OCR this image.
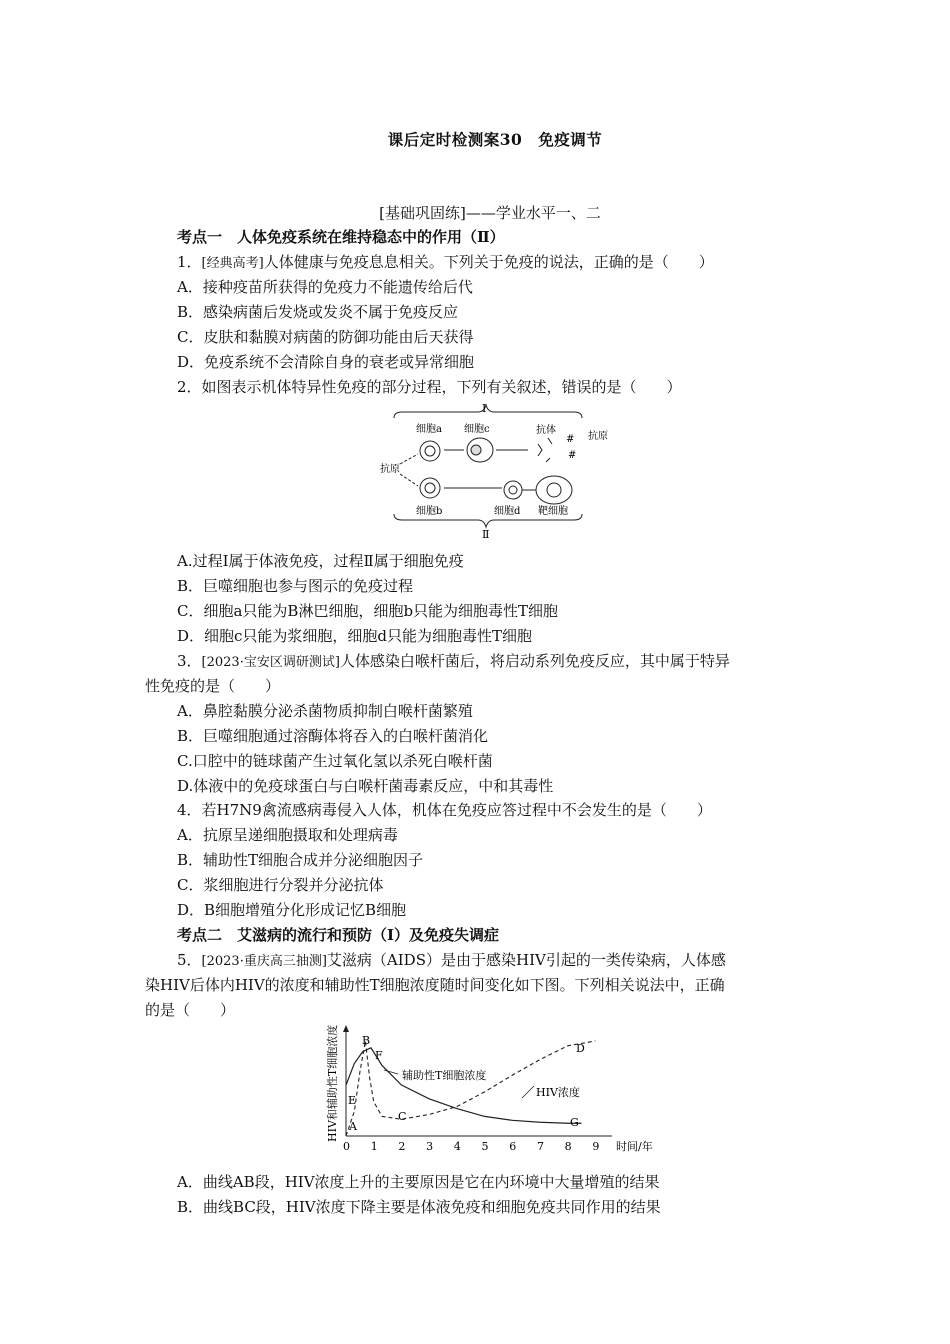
课后定时检测案30　免疫调节
[基础巩固练]——学业水平一、二
考点一　人体免疫系统在维持稳态中的作用（Ⅱ）
1．[经典高考]人体健康与免疫息息相关。下列关于免疫的说法，正确的是（　　）
A．接种疫苗所获得的免疫力不能遗传给后代
B．感染病菌后发烧或发炎不属于免疫反应
C．皮肤和黏膜对病菌的防御功能由后天获得
D．免疫系统不会清除自身的衰老或异常细胞
2．如图表示机体特异性免疫的部分过程，下列有关叙述，错误的是（　　）
Ⅰ
细胞a 细胞c	抗体
抗原
抗原
#
#
细胞b	细胞d 靶细胞
Ⅱ
A.过程Ⅰ属于体液免疫，过程Ⅱ属于细胞免疫
B．巨噬细胞也参与图示的免疫过程
C．细胞a只能为B淋巴细胞，细胞b只能为细胞毒性T细胞
D．细胞c只能为浆细胞，细胞d只能为细胞毒性T细胞
3．[2023·宝安区调研测试]人体感染白喉杆菌后，将启动系列免疫反应，其中属于特异
性免疫的是（　　）
A．鼻腔黏膜分泌杀菌物质抑制白喉杆菌繁殖
B．巨噬细胞通过溶酶体将吞入的白喉杆菌消化
C.口腔中的链球菌产生过氧化氢以杀死白喉杆菌
D.体液中的免疫球蛋白与白喉杆菌毒素反应，中和其毒性
4．若H7N9禽流感病毒侵入人体，机体在免疫应答过程中不会发生的是（　　）
A．抗原呈递细胞摄取和处理病毒
B．辅助性T细胞合成并分泌细胞因子
C．浆细胞进行分裂并分泌抗体
D．B细胞增殖分化形成记忆B细胞
考点二　艾滋病的流行和预防（Ⅰ）及免疫失调症
5．[2023·重庆高三抽测]艾滋病（AIDS）是由于感染HIV引起的一类传染病，人体感
染HIV后体内HIV的浓度和辅助性T细胞浓度随时间变化如下图。下列相关说法中，正确
的是（　　）
HIV和辅助性T细胞浓度
时间/年
0 1 2 3 4 5 6 7 8 9
A
B
C
D
E
F
G
辅助性T细胞浓度
HIV浓度
A．曲线AB段，HIV浓度上升的主要原因是它在内环境中大量增殖的结果
B．曲线BC段，HIV浓度下降主要是体液免疫和细胞免疫共同作用的结果
